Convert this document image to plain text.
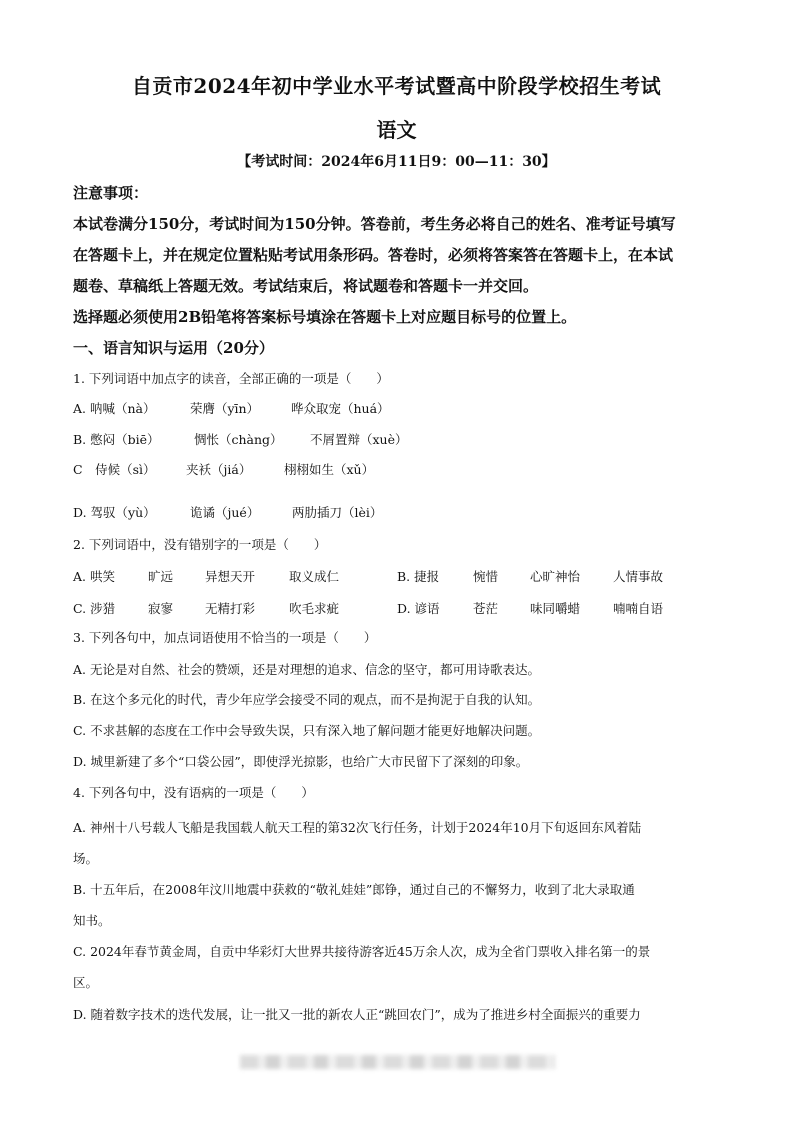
自贡市2024年初中学业水平考试暨高中阶段学校招生考试
语文
【考试时间：2024年6月11日9：00—11：30】
注意事项：
本试卷满分150分，考试时间为150分钟。答卷前，考生务必将自己的姓名、准考证号填写
在答题卡上，并在规定位置粘贴考试用条形码。答卷时，必须将答案答在答题卡上，在本试
题卷、草稿纸上答题无效。考试结束后，将试题卷和答题卡一并交回。
选择题必须使用2B铅笔将答案标号填涂在答题卡上对应题目标号的位置上。
一、语言知识与运用（20分）
1. 下列词语中加点字的读音，全部正确的一项是（　　）
A. 呐喊（nà）	荣膺（yīn）	哗众取宠（huá）
B. 憋闷（biē）	惆怅（chàng） 不屑置辩（xuè）
C　侍候（sì） 夹袄（jiá）	栩栩如生（xǔ）
D. 驾驭（yù）	诡谲（jué）	两肋插刀（lèi）
2. 下列词语中，没有错别字的一项是（　　）
A. 哄笑	旷远	异想天开	取义成仁	B. 捷报	惋惜	心旷神怡	人情事故
C. 涉猎	寂寥	无精打彩	吹毛求疵	D. 谚语	苍茫	味同嚼蜡	喃喃自语
3. 下列各句中，加点词语使用不恰当的一项是（　　）
A. 无论是对自然、社会的赞颂，还是对理想的追求、信念的坚守，都可用诗歌表达。
B. 在这个多元化的时代，青少年应学会接受不同的观点，而不是拘泥于自我的认知。
C. 不求甚解的态度在工作中会导致失误，只有深入地了解问题才能更好地解决问题。
D. 城里新建了多个“口袋公园”，即使浮光掠影，也给广大市民留下了深刻的印象。
4. 下列各句中，没有语病的一项是（　　）
A. 神州十八号载人飞船是我国载人航天工程的第32次飞行任务，计划于2024年10月下旬返回东风着陆
场。
B. 十五年后，在2008年汶川地震中获救的“敬礼娃娃”郎铮，通过自己的不懈努力，收到了北大录取通
知书。
C. 2024年春节黄金周，自贡中华彩灯大世界共接待游客近45万余人次，成为全省门票收入排名第一的景
区。
D. 随着数字技术的迭代发展，让一批又一批的新农人正“跳回农门”，成为了推进乡村全面振兴的重要力
